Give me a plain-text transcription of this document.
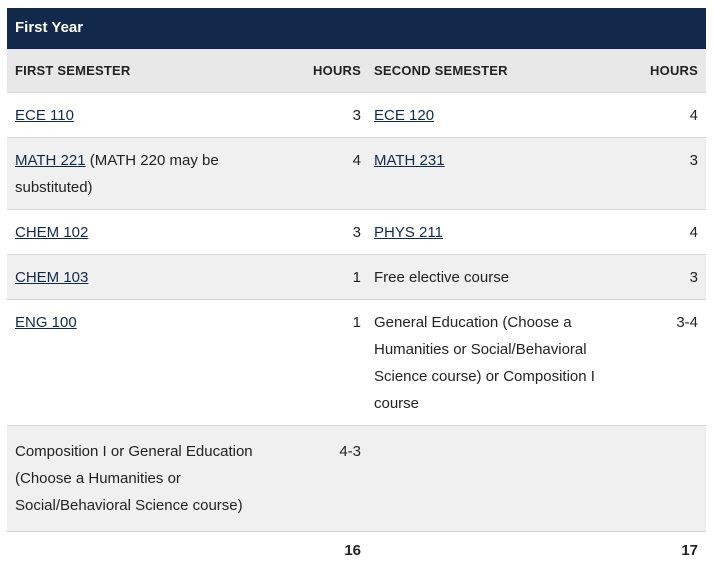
First Year
FIRST SEMESTER	HOURS	SECOND SEMESTER	HOURS
ECE 110	3	ECE 120	4
MATH 221 (MATH 220 may be substituted)	4	MATH 231	3
CHEM 102	3	PHYS 211	4
CHEM 103	1	Free elective course	3
ENG 100	1	General Education (Choose a Humanities or Social/Behavioral Science course) or Composition I course	3-4
Composition I or General Education (Choose a Humanities or Social/Behavioral Science course)	4-3		
	16		17
